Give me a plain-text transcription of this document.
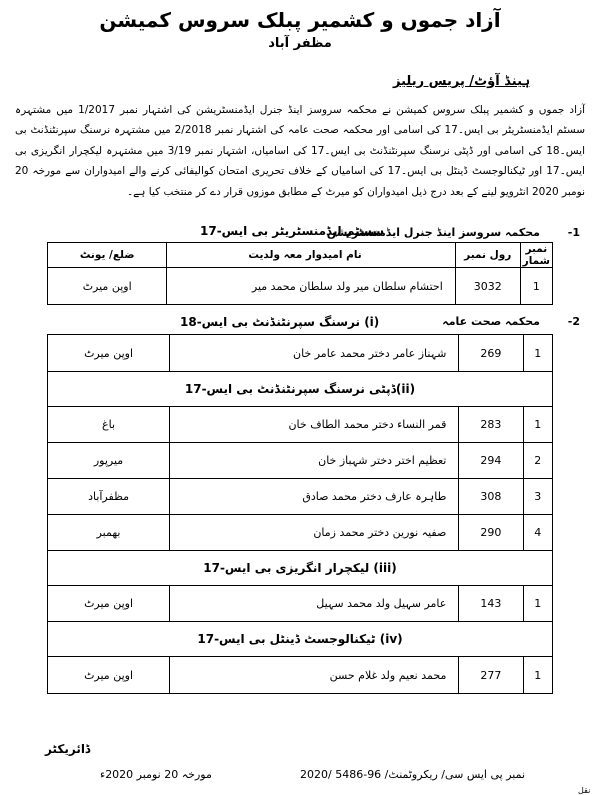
آزاد جموں و کشمیر پبلک سروس کمیشن
مظفر آباد
ہینڈ آؤٹ/ پریس ریلیز
آزاد جموں و کشمیر پبلک سروس کمیشن نے محکمہ سروسز اینڈ جنرل ایڈمنسٹریشن کی اشتہار نمبر 1/2017 میں مشتہرہ سسٹم ایڈمنسٹریٹر بی ایس۔17 کی اسامی اور محکمہ صحت عامہ کی اشتہار نمبر 2/2018 میں مشتہرہ نرسنگ سپرنٹنڈنٹ بی ایس۔18 کی اسامی اور ڈپٹی نرسنگ سپرنٹنڈنٹ بی ایس۔17 کی اسامیاں، اشتہار نمبر 3/19 میں مشتہرہ لیکچرار انگریزی بی ایس۔17 اور ٹیکنالوجسٹ ڈینٹل بی ایس۔17 کی اسامیاں کے خلاف تحریری امتحان کوالیفائی کرنے والے امیدواران سے مورخہ 20 نومبر 2020 انٹرویو لینے کے بعد درج ذیل امیدواران کو میرٹ کے مطابق موزوں قرار دے کر منتخب کیا ہے۔
1-
محکمہ سروسز اینڈ جنرل ایڈمنسٹریشن
سسٹم ایڈمنسٹریٹر بی ایس-17
نمبر شمار	رول نمبر	نام امیدوار معہ ولدیت	ضلع/ یونٹ
1	3032	احتشام سلطان میر ولد سلطان محمد میر	اوپن میرٹ
2-
محکمہ صحت عامہ
(i) نرسنگ سپرنٹنڈنٹ بی ایس-18
1	269	شہناز عامر دختر محمد عامر خان	اوپن میرٹ
(ii)ڈپٹی نرسنگ سپرنٹنڈنٹ بی ایس-17			
1	283	قمر النساء دختر محمد الطاف خان	باغ
2	294	تعظیم اختر دختر شہباز خان	میرپور
3	308	طاہرہ عارف دختر محمد صادق	مظفرآباد
4	290	صفیہ نورین دختر محمد زمان	بھمبر
(iii) لیکچرار انگریزی بی ایس-17			
1	143	عامر سہیل ولد محمد سہیل	اوپن میرٹ
(iv) ٹیکنالوجسٹ ڈینٹل بی ایس-17			
1	277	محمد نعیم ولد غلام حسن	اوپن میرٹ
ڈائریکٹر
نمبر پی ایس سی/ ریکروٹمنٹ/ 96-5486 /2020
مورخہ 20 نومبر 2020ء
نقل
